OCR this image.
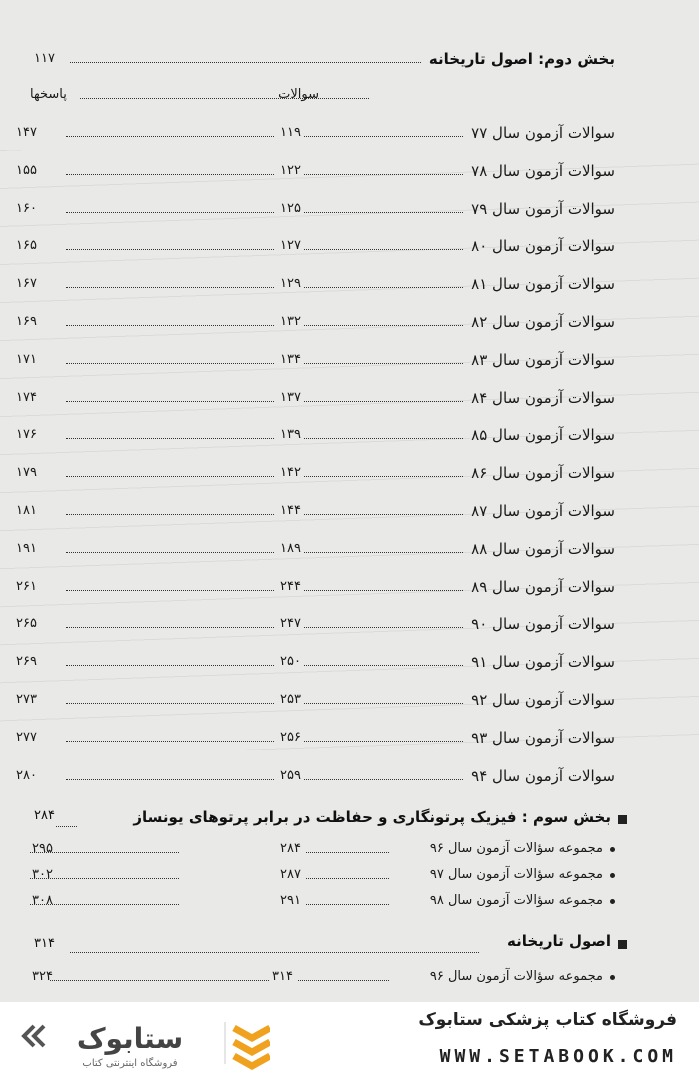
بخش دوم: اصول تاریخانه
۱۱۷
سوالات
پاسخها
سوالات آزمون سال ۷۷
۱۱۹
۱۴۷
سوالات آزمون سال ۷۸
۱۲۲
۱۵۵
سوالات آزمون سال ۷۹
۱۲۵
۱۶۰
سوالات آزمون سال ۸۰
۱۲۷
۱۶۵
سوالات آزمون سال ۸۱
۱۲۹
۱۶۷
سوالات آزمون سال ۸۲
۱۳۲
۱۶۹
سوالات آزمون سال ۸۳
۱۳۴
۱۷۱
سوالات آزمون سال ۸۴
۱۳۷
۱۷۴
سوالات آزمون سال ۸۵
۱۳۹
۱۷۶
سوالات آزمون سال ۸۶
۱۴۲
۱۷۹
سوالات آزمون سال ۸۷
۱۴۴
۱۸۱
سوالات آزمون سال ۸۸
۱۸۹
۱۹۱
سوالات آزمون سال ۸۹
۲۴۴
۲۶۱
سوالات آزمون سال ۹۰
۲۴۷
۲۶۵
سوالات آزمون سال ۹۱
۲۵۰
۲۶۹
سوالات آزمون سال ۹۲
۲۵۳
۲۷۳
سوالات آزمون سال ۹۳
۲۵۶
۲۷۷
سوالات آزمون سال ۹۴
۲۵۹
۲۸۰
بخش سوم : فیزیک پرتونگاری و حفاظت در برابر پرتوهای یونساز
۲۸۴
مجموعه سؤالات آزمون سال ۹۶
۲۸۴
۲۹۵
مجموعه سؤالات آزمون سال ۹۷
۲۸۷
۳۰۲
مجموعه سؤالات آزمون سال ۹۸
۲۹۱
۳۰۸
اصول تاریخانه
۳۱۴
مجموعه سؤالات آزمون سال ۹۶
۳۱۴
۳۲۴
ستابوک
فروشگاه اینترنتی کتاب
فروشگاه کتاب پزشکی ستابوک
WWW.SETABOOK.COM
